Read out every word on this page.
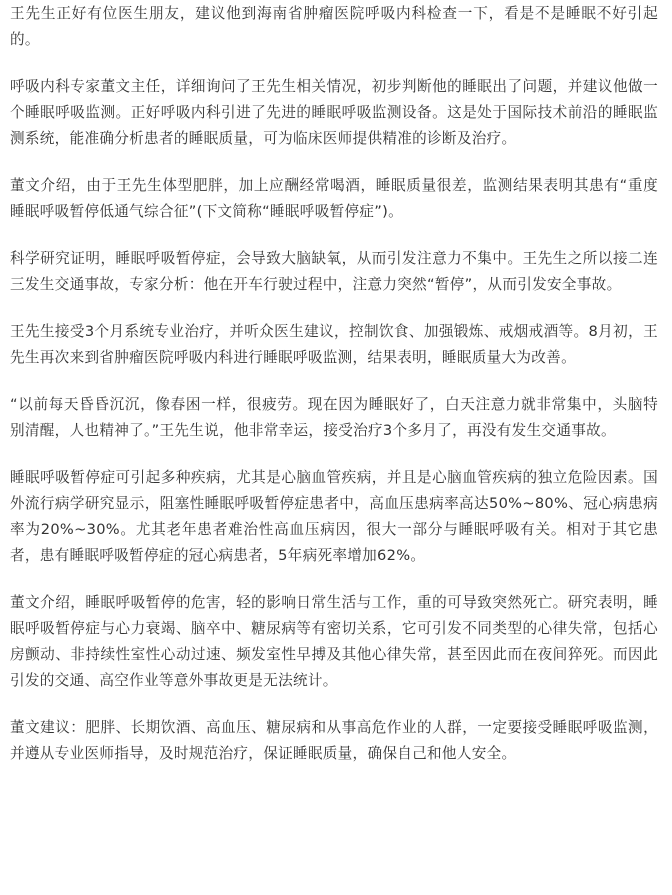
王先生正好有位医生朋友，建议他到海南省肿瘤医院呼吸内科检查一下，看是不是睡眠不好引起的。

呼吸内科专家董文主任，详细询问了王先生相关情况，初步判断他的睡眠出了问题，并建议他做一个睡眠呼吸监测。正好呼吸内科引进了先进的睡眠呼吸监测设备。这是处于国际技术前沿的睡眠监测系统，能准确分析患者的睡眠质量，可为临床医师提供精准的诊断及治疗。

董文介绍，由于王先生体型肥胖，加上应酬经常喝酒，睡眠质量很差，监测结果表明其患有“重度睡眠呼吸暂停低通气综合征”(下文简称“睡眠呼吸暂停症”)。

科学研究证明，睡眠呼吸暂停症，会导致大脑缺氧，从而引发注意力不集中。王先生之所以接二连三发生交通事故，专家分析：他在开车行驶过程中，注意力突然“暂停”，从而引发安全事故。

王先生接受3个月系统专业治疗，并听众医生建议，控制饮食、加强锻炼、戒烟戒酒等。8月初，王先生再次来到省肿瘤医院呼吸内科进行睡眠呼吸监测，结果表明，睡眠质量大为改善。

“以前每天昏昏沉沉，像春困一样，很疲劳。现在因为睡眠好了，白天注意力就非常集中，头脑特别清醒，人也精神了。”王先生说，他非常幸运，接受治疗3个多月了，再没有发生交通事故。

睡眠呼吸暂停症可引起多种疾病，尤其是心脑血管疾病，并且是心脑血管疾病的独立危险因素。国外流行病学研究显示，阻塞性睡眠呼吸暂停症患者中，高血压患病率高达50%~80%、冠心病患病率为20%~30%。尤其老年患者难治性高血压病因，很大一部分与睡眠呼吸有关。相对于其它患者，患有睡眠呼吸暂停症的冠心病患者，5年病死率增加62%。

董文介绍，睡眠呼吸暂停的危害，轻的影响日常生活与工作，重的可导致突然死亡。研究表明，睡眠呼吸暂停症与心力衰竭、脑卒中、糖尿病等有密切关系，它可引发不同类型的心律失常，包括心房颤动、非持续性室性心动过速、频发室性早搏及其他心律失常，甚至因此而在夜间猝死。而因此引发的交通、高空作业等意外事故更是无法统计。

董文建议：肥胖、长期饮酒、高血压、糖尿病和从事高危作业的人群，一定要接受睡眠呼吸监测，并遵从专业医师指导，及时规范治疗，保证睡眠质量，确保自己和他人安全。
